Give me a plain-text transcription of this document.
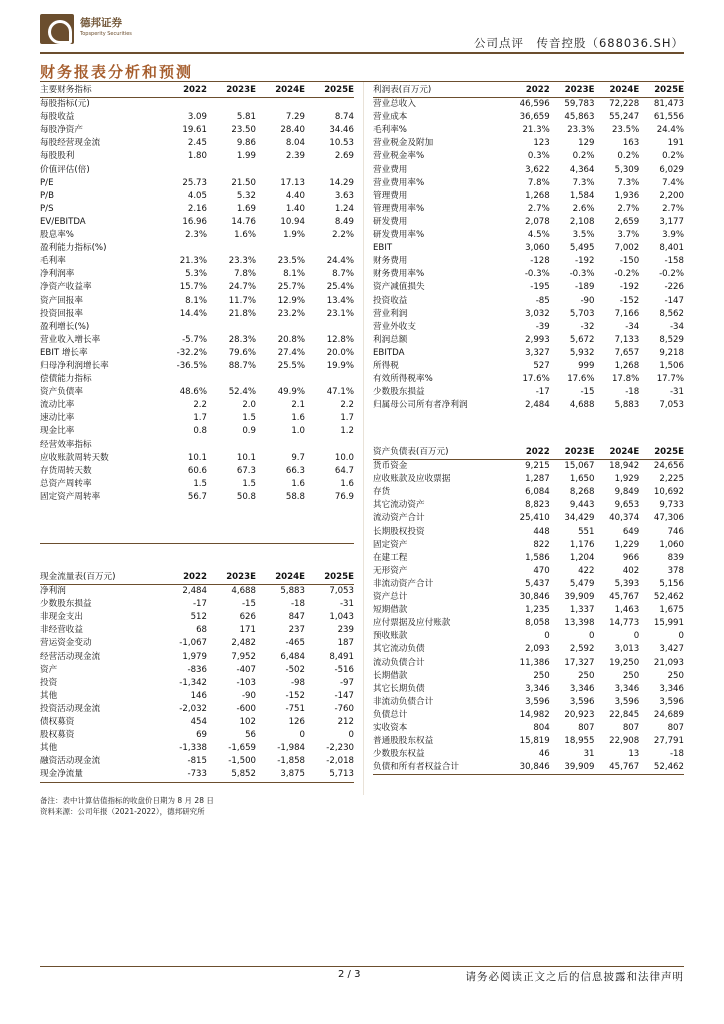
德邦证券
Topsperity Securities
公司点评　传音控股（688036.SH）
财务报表分析和预测
主要财务指标	2022	2023E	2024E	2025E
每股指标(元)				
每股收益	3.09	5.81	7.29	8.74
每股净资产	19.61	23.50	28.40	34.46
每股经营现金流	2.45	9.86	8.04	10.53
每股股利	1.80	1.99	2.39	2.69
价值评估(倍)				
P/E	25.73	21.50	17.13	14.29
P/B	4.05	5.32	4.40	3.63
P/S	2.16	1.69	1.40	1.24
EV/EBITDA	16.96	14.76	10.94	8.49
股息率%	2.3%	1.6%	1.9%	2.2%
盈利能力指标(%)				
毛利率	21.3%	23.3%	23.5%	24.4%
净利润率	5.3%	7.8%	8.1%	8.7%
净资产收益率	15.7%	24.7%	25.7%	25.4%
资产回报率	8.1%	11.7%	12.9%	13.4%
投资回报率	14.4%	21.8%	23.2%	23.1%
盈利增长(%)				
营业收入增长率	-5.7%	28.3%	20.8%	12.8%
EBIT 增长率	-32.2%	79.6%	27.4%	20.0%
归母净利润增长率	-36.5%	88.7%	25.5%	19.9%
偿债能力指标				
资产负债率	48.6%	52.4%	49.9%	47.1%
流动比率	2.2	2.0	2.1	2.2
速动比率	1.7	1.5	1.6	1.7
现金比率	0.8	0.9	1.0	1.2
经营效率指标				
应收账款周转天数	10.1	10.1	9.7	10.0
存货周转天数	60.6	67.3	66.3	64.7
总资产周转率	1.5	1.5	1.6	1.6
固定资产周转率	56.7	50.8	58.8	76.9

利润表(百万元)	2022	2023E	2024E	2025E
营业总收入	46,596	59,783	72,228	81,473
营业成本	36,659	45,863	55,247	61,556
毛利率%	21.3%	23.3%	23.5%	24.4%
营业税金及附加	123	129	163	191
营业税金率%	0.3%	0.2%	0.2%	0.2%
营业费用	3,622	4,364	5,309	6,029
营业费用率%	7.8%	7.3%	7.3%	7.4%
管理费用	1,268	1,584	1,936	2,200
管理费用率%	2.7%	2.6%	2.7%	2.7%
研发费用	2,078	2,108	2,659	3,177
研发费用率%	4.5%	3.5%	3.7%	3.9%
EBIT	3,060	5,495	7,002	8,401
财务费用	-128	-192	-150	-158
财务费用率%	-0.3%	-0.3%	-0.2%	-0.2%
资产减值损失	-195	-189	-192	-226
投资收益	-85	-90	-152	-147
营业利润	3,032	5,703	7,166	8,562
营业外收支	-39	-32	-34	-34
利润总额	2,993	5,672	7,133	8,529
EBITDA	3,327	5,932	7,657	9,218
所得税	527	999	1,268	1,506
有效所得税率%	17.6%	17.6%	17.8%	17.7%
少数股东损益	-17	-15	-18	-31
归属母公司所有者净利润	2,484	4,688	5,883	7,053
资产负债表(百万元)	2022	2023E	2024E	2025E
货币资金	9,215	15,067	18,942	24,656
应收账款及应收票据	1,287	1,650	1,929	2,225
存货	6,084	8,268	9,849	10,692
其它流动资产	8,823	9,443	9,653	9,733
流动资产合计	25,410	34,429	40,374	47,306
长期股权投资	448	551	649	746
固定资产	822	1,176	1,229	1,060
在建工程	1,586	1,204	966	839
无形资产	470	422	402	378
非流动资产合计	5,437	5,479	5,393	5,156
资产总计	30,846	39,909	45,767	52,462
短期借款	1,235	1,337	1,463	1,675
应付票据及应付账款	8,058	13,398	14,773	15,991
预收账款	0	0	0	0
其它流动负债	2,093	2,592	3,013	3,427
流动负债合计	11,386	17,327	19,250	21,093
长期借款	250	250	250	250
其它长期负债	3,346	3,346	3,346	3,346
非流动负债合计	3,596	3,596	3,596	3,596
负债总计	14,982	20,923	22,845	24,689
实收资本	804	807	807	807
普通股股东权益	15,819	18,955	22,908	27,791
少数股东权益	46	31	13	-18
负债和所有者权益合计	30,846	39,909	45,767	52,462
现金流量表(百万元)	2022	2023E	2024E	2025E
净利润	2,484	4,688	5,883	7,053
少数股东损益	-17	-15	-18	-31
非现金支出	512	626	847	1,043
非经营收益	68	171	237	239
营运资金变动	-1,067	2,482	-465	187
经营活动现金流	1,979	7,952	6,484	8,491
资产	-836	-407	-502	-516
投资	-1,342	-103	-98	-97
其他	146	-90	-152	-147
投资活动现金流	-2,032	-600	-751	-760
债权募资	454	102	126	212
股权募资	69	56	0	0
其他	-1,338	-1,659	-1,984	-2,230
融资活动现金流	-815	-1,500	-1,858	-2,018
现金净流量	-733	5,852	3,875	5,713
备注：表中计算估值指标的收盘价日期为 8 月 28 日
资料来源：公司年报（2021-2022），德邦研究所
2 / 3	请务必阅读正文之后的信息披露和法律声明
